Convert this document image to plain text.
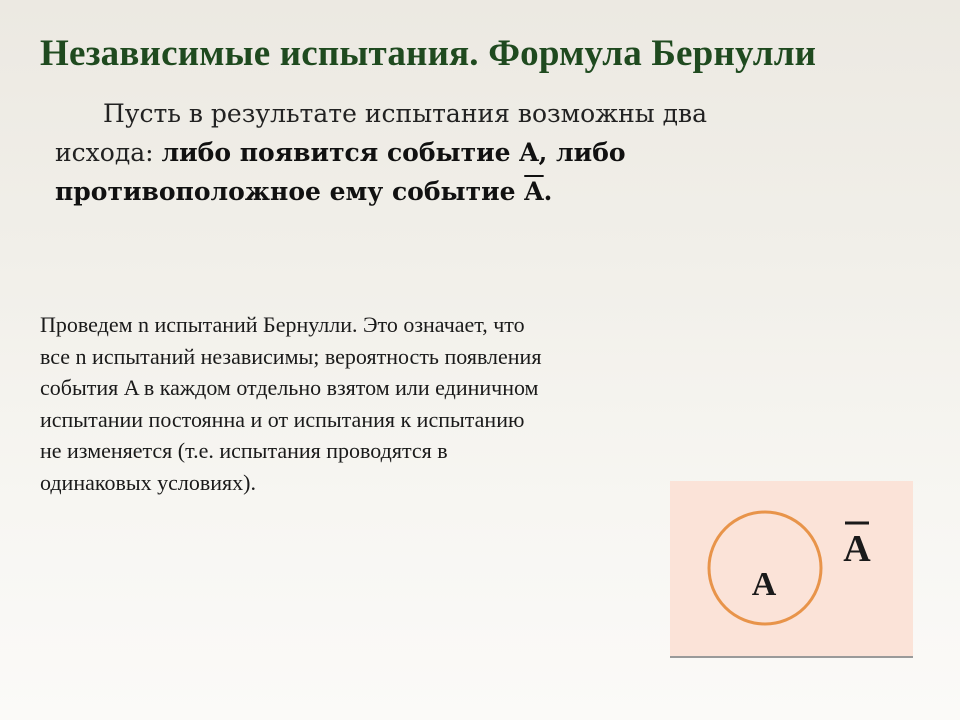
Независимые испытания. Формула Бернулли
Пусть в результате испытания возможны два
исхода: либо появится событие A, либо
противоположное ему событие $\overline{A}$.
Проведем n испытаний Бернулли. Это означает, что
все n испытаний независимы; вероятность появления
события A в каждом отдельно взятом или единичном
испытании постоянна и от испытания к испытанию
не изменяется (т.е. испытания проводятся в
одинаковых условиях).
A
A
